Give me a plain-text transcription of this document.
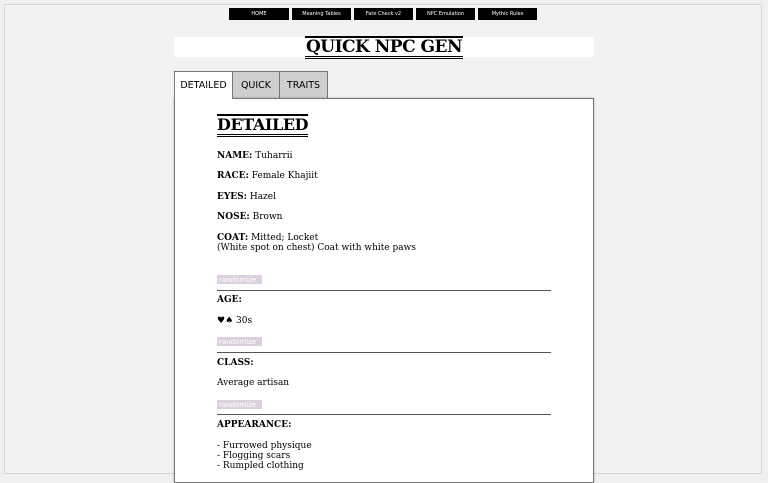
HOME	Meaning Tables	Fate Check v2	NPC Emulation	Mythic Rules
QUICK NPC GEN
DETAILED	QUICK	TRAITS
DETAILED

NAME: Tuharrii

RACE: Female Khajiit

EYES: Hazel

NOSE: Brown

COAT: Mitted; Locket

(White spot on chest) Coat with white paws

randomize
AGE:
♥♠ 30s
randomize
CLASS:
Average artisan
randomize
APPEARANCE:
- Furrowed physique
- Flogging scars
- Rumpled clothing
